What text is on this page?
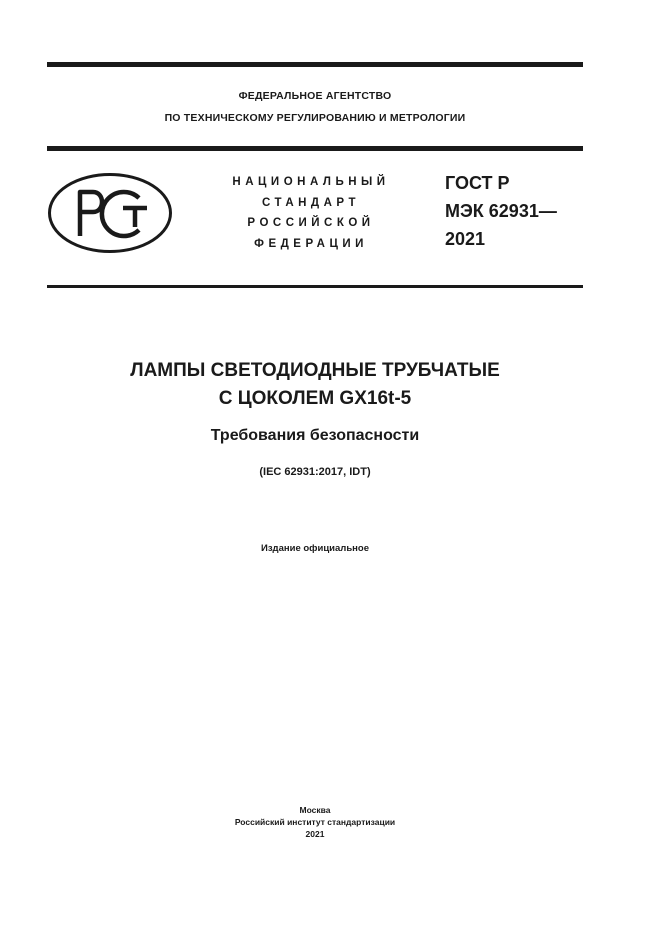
ФЕДЕРАЛЬНОЕ АГЕНТСТВО
ПО ТЕХНИЧЕСКОМУ РЕГУЛИРОВАНИЮ И МЕТРОЛОГИИ
НАЦИОНАЛЬНЫЙ
СТАНДАРТ
РОССИЙСКОЙ
ФЕДЕРАЦИИ
ГОСТ Р
МЭК 62931—
2021
ЛАМПЫ СВЕТОДИОДНЫЕ ТРУБЧАТЫЕ
С ЦОКОЛЕМ GX16t-5
Требования безопасности
(IEC 62931:2017, IDT)
Издание официальное
Москва
Российский институт стандартизации
2021
